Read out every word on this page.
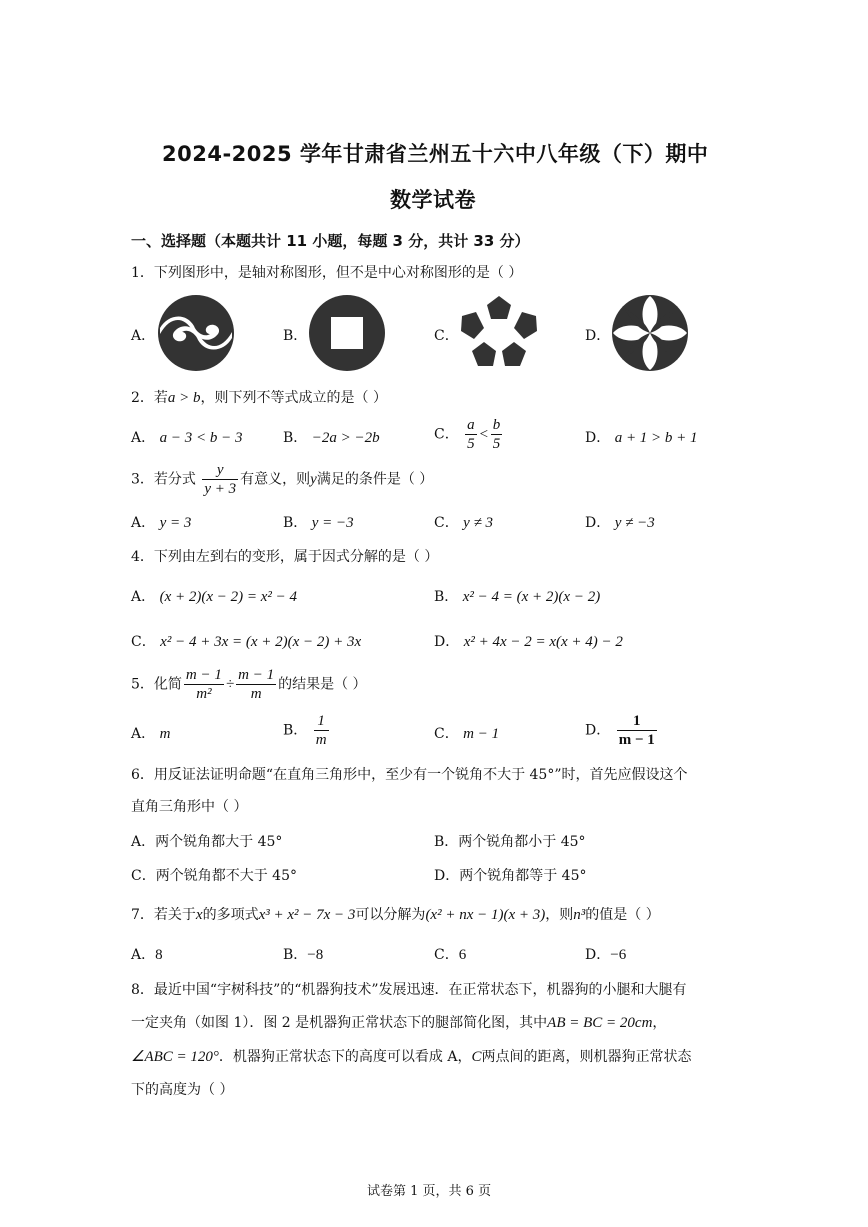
2024-2025 学年甘肃省兰州五十六中八年级（下）期中
数学试卷
一、选择题（本题共计 11 小题，每题 3 分，共计 33 分）
1．下列图形中，是轴对称图形，但不是中心对称图形的是（ ）
A．	B．	C．	D．
2．若a > b，则下列不等式成立的是（ ）
A． a − 3 < b − 3	B． −2a > −2b	C． $\frac{a}{5} < \frac{b}{5}$	D． a + 1 > b + 1
3．若分式 $\frac{y}{y + 3}$ 有意义，则y满足的条件是（ ）
A． y = 3	B． y = −3	C． y ≠ 3	D． y ≠ −3
4．下列由左到右的变形，属于因式分解的是（ ）
A． (x + 2)(x − 2) = x² − 4	B． x² − 4 = (x + 2)(x − 2)
C． x² − 4 + 3x = (x + 2)(x − 2) + 3x	D． x² + 4x − 2 = x(x + 4) − 2
5．化简 $\frac{m - 1}{\text{m²}} \div \frac{m - 1}{m}$ 的结果是（ ）
A． m	B． $\frac{1}{m}$	C． m − 1	D． $\frac{1}{m - 1}$
6．用反证法证明命题“在直角三角形中，至少有一个锐角不大于 45°”时，首先应假设这个
直角三角形中（ ）
A．两个锐角都大于 45°	B．两个锐角都小于 45°
C．两个锐角都不大于 45°	D．两个锐角都等于 45°
7．若关于x的多项式x³ + x² − 7x − 3可以分解为(x² + nx − 1)(x + 3)，则n³的值是（ ）
A．8	B．−8	C．6	D．−6
8．最近中国“宇树科技”的“机器狗技术”发展迅速．在正常状态下，机器狗的小腿和大腿有
一定夹角（如图 1）．图 2 是机器狗正常状态下的腿部简化图，其中AB = BC = 20cm，
∠ABC = 120°．机器狗正常状态下的高度可以看成 A，C两点间的距离，则机器狗正常状态
下的高度为（ ）
试卷第 1 页，共 6 页
